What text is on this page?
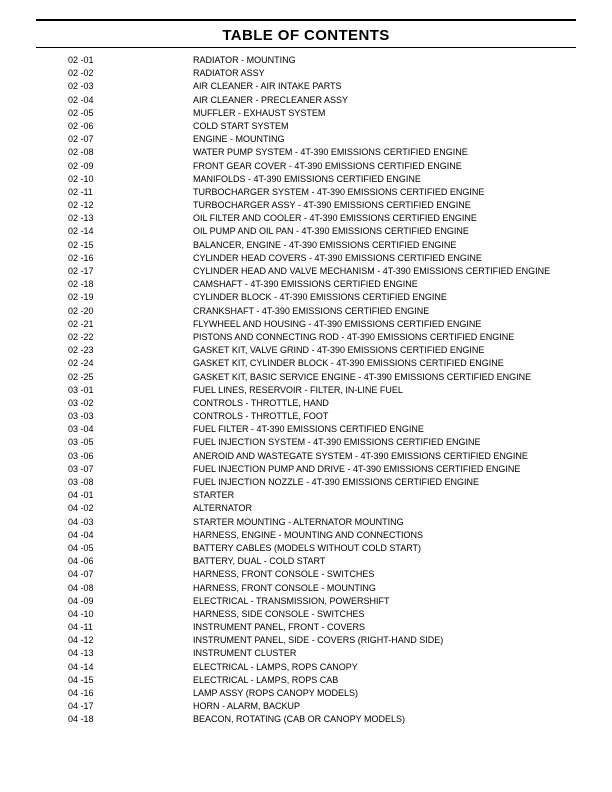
TABLE OF CONTENTS
02 -01	RADIATOR - MOUNTING
02 -02	RADIATOR ASSY
02 -03	AIR CLEANER - AIR INTAKE PARTS
02 -04	AIR CLEANER - PRECLEANER ASSY
02 -05	MUFFLER - EXHAUST SYSTEM
02 -06	COLD START SYSTEM
02 -07	ENGINE - MOUNTING
02 -08	WATER PUMP SYSTEM - 4T-390 EMISSIONS CERTIFIED ENGINE
02 -09	FRONT GEAR COVER - 4T-390 EMISSIONS CERTIFIED ENGINE
02 -10	MANIFOLDS - 4T-390 EMISSIONS CERTIFIED ENGINE
02 -11	TURBOCHARGER SYSTEM - 4T-390 EMISSIONS CERTIFIED ENGINE
02 -12	TURBOCHARGER ASSY - 4T-390 EMISSIONS CERTIFIED ENGINE
02 -13	OIL FILTER AND COOLER - 4T-390 EMISSIONS CERTIFIED ENGINE
02 -14	OIL PUMP AND OIL PAN - 4T-390 EMISSIONS CERTIFIED ENGINE
02 -15	BALANCER, ENGINE - 4T-390 EMISSIONS CERTIFIED ENGINE
02 -16	CYLINDER HEAD COVERS - 4T-390 EMISSIONS CERTIFIED ENGINE
02 -17	CYLINDER HEAD AND VALVE MECHANISM - 4T-390 EMISSIONS CERTIFIED ENGINE
02 -18	CAMSHAFT - 4T-390 EMISSIONS CERTIFIED ENGINE
02 -19	CYLINDER BLOCK - 4T-390 EMISSIONS CERTIFIED ENGINE
02 -20	CRANKSHAFT - 4T-390 EMISSIONS CERTIFIED ENGINE
02 -21	FLYWHEEL AND HOUSING - 4T-390 EMISSIONS CERTIFIED ENGINE
02 -22	PISTONS AND CONNECTING ROD - 4T-390 EMISSIONS CERTIFIED ENGINE
02 -23	GASKET KIT, VALVE GRIND - 4T-390 EMISSIONS CERTIFIED ENGINE
02 -24	GASKET KIT, CYLINDER BLOCK - 4T-390 EMISSIONS CERTIFIED ENGINE
02 -25	GASKET KIT, BASIC SERVICE ENGINE - 4T-390 EMISSIONS CERTIFIED ENGINE
03 -01	FUEL LINES, RESERVOIR - FILTER, IN-LINE FUEL
03 -02	CONTROLS - THROTTLE, HAND
03 -03	CONTROLS - THROTTLE, FOOT
03 -04	FUEL FILTER - 4T-390 EMISSIONS CERTIFIED ENGINE
03 -05	FUEL INJECTION SYSTEM - 4T-390 EMISSIONS CERTIFIED ENGINE
03 -06	ANEROID AND WASTEGATE SYSTEM - 4T-390 EMISSIONS CERTIFIED ENGINE
03 -07	FUEL INJECTION PUMP AND DRIVE - 4T-390 EMISSIONS CERTIFIED ENGINE
03 -08	FUEL INJECTION NOZZLE - 4T-390 EMISSIONS CERTIFIED ENGINE
04 -01	STARTER
04 -02	ALTERNATOR
04 -03	STARTER MOUNTING - ALTERNATOR MOUNTING
04 -04	HARNESS, ENGINE - MOUNTING AND CONNECTIONS
04 -05	BATTERY CABLES (MODELS WITHOUT COLD START)
04 -06	BATTERY, DUAL - COLD START
04 -07	HARNESS, FRONT CONSOLE - SWITCHES
04 -08	HARNESS, FRONT CONSOLE - MOUNTING
04 -09	ELECTRICAL - TRANSMISSION, POWERSHIFT
04 -10	HARNESS, SIDE CONSOLE - SWITCHES
04 -11	INSTRUMENT PANEL, FRONT - COVERS
04 -12	INSTRUMENT PANEL, SIDE - COVERS (RIGHT-HAND SIDE)
04 -13	INSTRUMENT CLUSTER
04 -14	ELECTRICAL - LAMPS, ROPS CANOPY
04 -15	ELECTRICAL - LAMPS, ROPS CAB
04 -16	LAMP ASSY (ROPS CANOPY MODELS)
04 -17	HORN - ALARM, BACKUP
04 -18	BEACON, ROTATING (CAB OR CANOPY MODELS)
